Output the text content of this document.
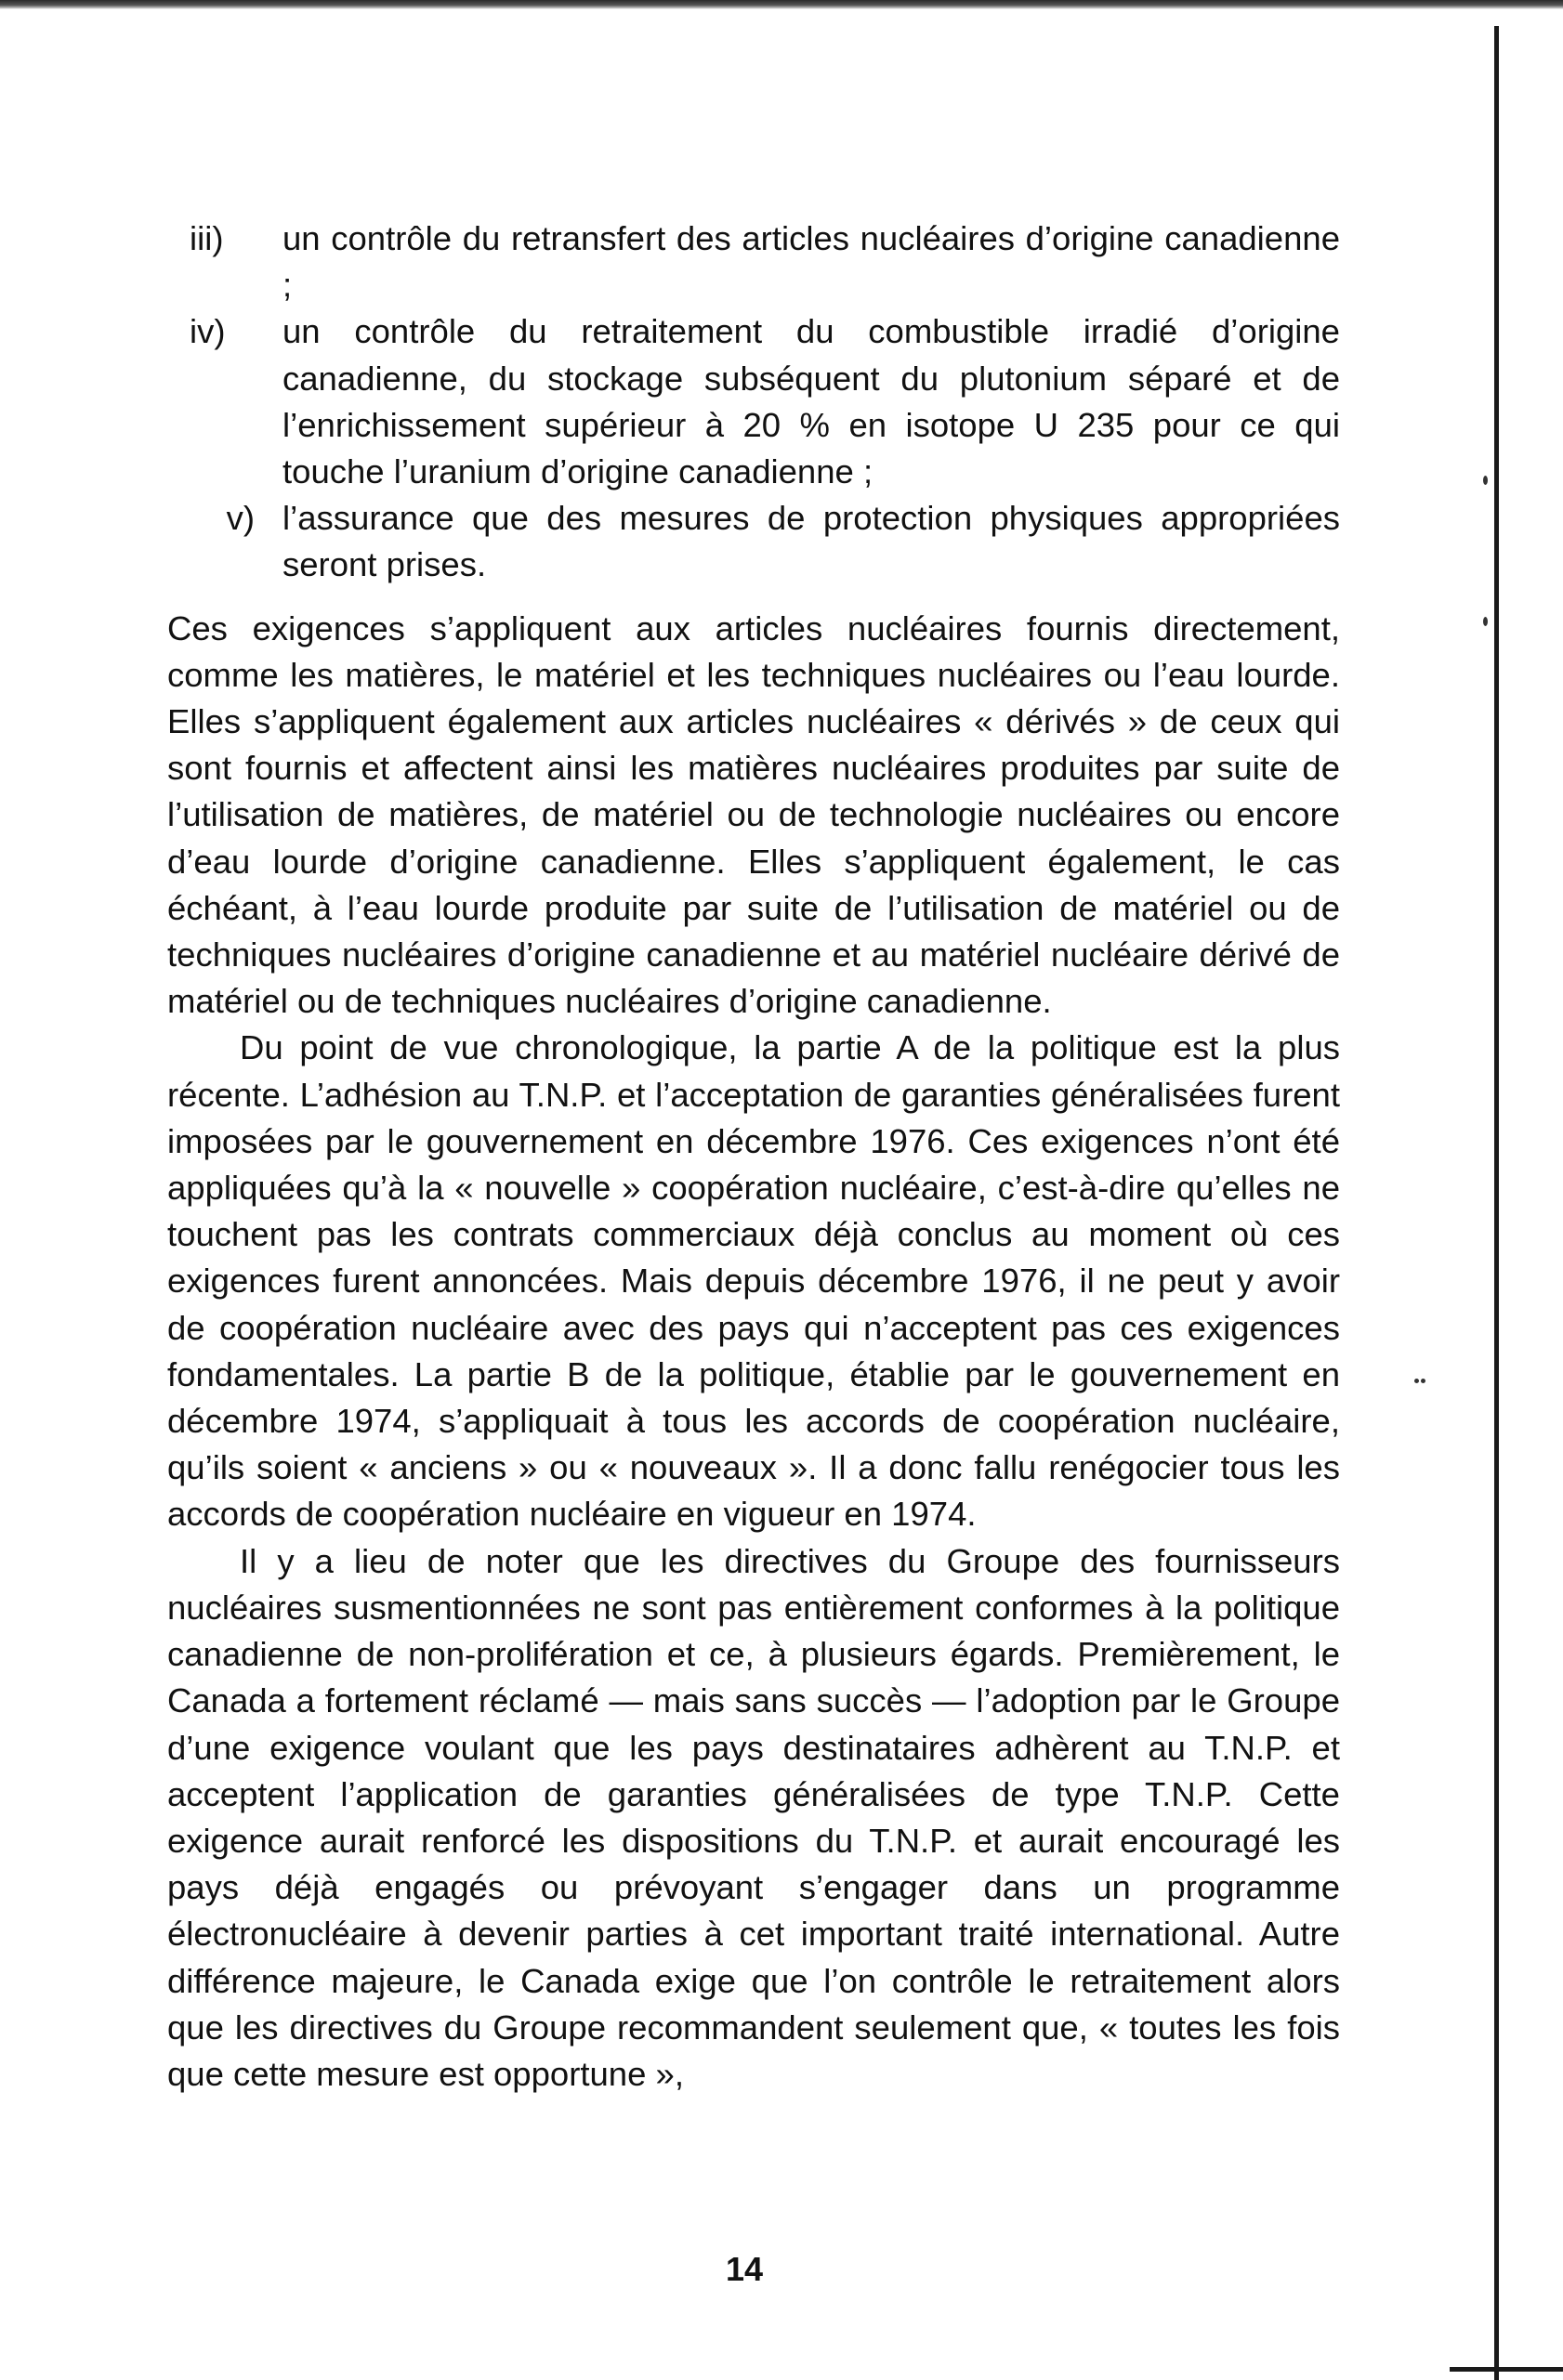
iii)	un contrôle du retransfert des articles nucléaires d’origine canadienne ;
iv)	un contrôle du retraitement du combustible irradié d’origine canadienne, du stockage subséquent du plutonium séparé et de l’enrichissement supérieur à 20 % en isotope U 235 pour ce qui touche l’uranium d’origine canadienne ;
v) l’assurance que des mesures de protection physiques appropriées seront prises.

Ces exigences s’appliquent aux articles nucléaires fournis directement, comme les matières, le matériel et les techniques nucléaires ou l’eau lourde. Elles s’appliquent également aux articles nucléaires « dérivés » de ceux qui sont fournis et affectent ainsi les matières nucléaires produites par suite de l’utilisation de matières, de matériel ou de technologie nucléaires ou encore d’eau lourde d’origine canadienne. Elles s’appliquent également, le cas échéant, à l’eau lourde produite par suite de l’utilisation de matériel ou de techniques nucléaires d’origine canadienne et au matériel nucléaire dérivé de matériel ou de techniques nucléaires d’origine canadienne.

Du point de vue chronologique, la partie A de la politique est la plus récente. L’adhésion au T.N.P. et l’acceptation de garanties généralisées furent imposées par le gouvernement en décembre 1976. Ces exigences n’ont été appliquées qu’à la « nouvelle » coopération nucléaire, c’est-à-dire qu’elles ne touchent pas les contrats commerciaux déjà conclus au moment où ces exigences furent annoncées. Mais depuis décembre 1976, il ne peut y avoir de coopération nucléaire avec des pays qui n’acceptent pas ces exigences fondamentales. La partie B de la politique, établie par le gouvernement en décembre 1974, s’appliquait à tous les accords de coopération nucléaire, qu’ils soient « anciens » ou « nouveaux ». Il a donc fallu renégocier tous les accords de coopération nucléaire en vigueur en 1974.

Il y a lieu de noter que les directives du Groupe des fournisseurs nucléaires susmentionnées ne sont pas entièrement conformes à la politique canadienne de non-prolifération et ce, à plusieurs égards. Premièrement, le Canada a fortement réclamé — mais sans succès — l’adoption par le Groupe d’une exigence voulant que les pays destinataires adhèrent au T.N.P. et acceptent l’application de garanties généralisées de type T.N.P. Cette exigence aurait renforcé les dispositions du T.N.P. et aurait encouragé les pays déjà engagés ou prévoyant s’engager dans un programme électronucléaire à devenir parties à cet important traité international. Autre différence majeure, le Canada exige que l’on contrôle le retraitement alors que les directives du Groupe recommandent seulement que, « toutes les fois que cette mesure est opportune »,

14
